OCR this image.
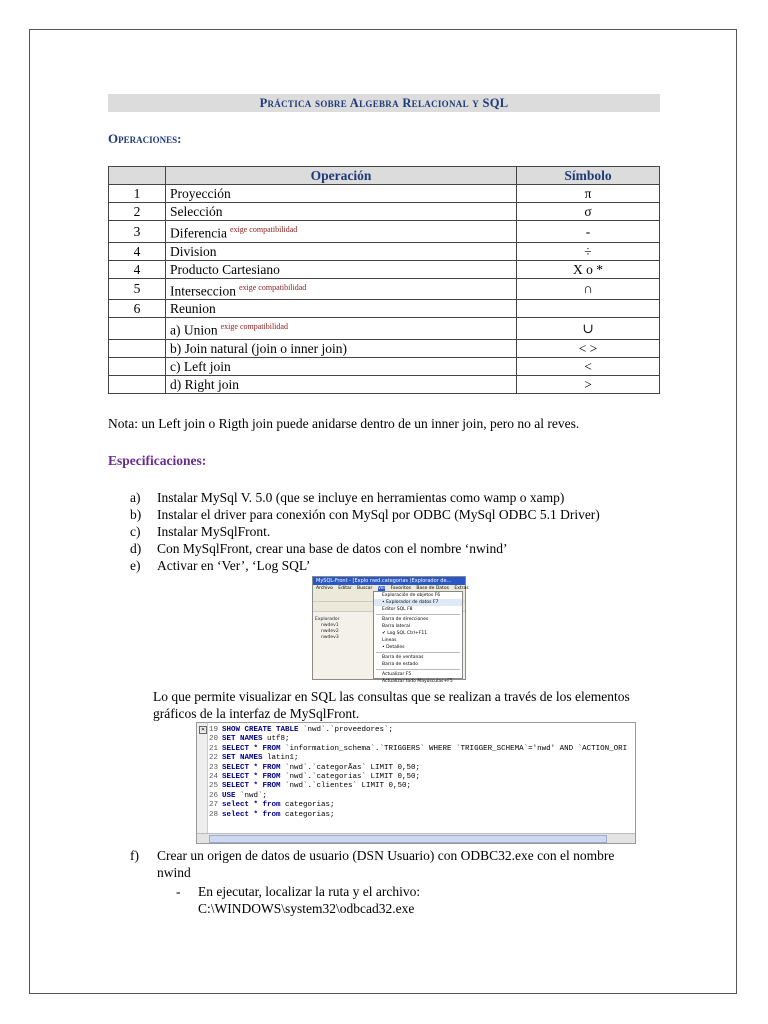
Práctica sobre Algebra Relacional y SQL
Operaciones:
	Operación	Símbolo
1	Proyección	π
2	Selección	σ
3	Diferencia $^{exige compatibilidad}$	-
4	Division	÷
4	Producto Cartesiano	X o *
5	Interseccion $^{exige compatibilidad}$	∩
6	Reunion	
	a) Union $^{exige compatibilidad}$	∪
	b) Join natural (join o inner join)	< >
	c) Left join	<
	d) Right join	>
Nota: un Left join o Rigth join puede anidarse dentro de un inner join, pero no al reves.
Especificaciones:
a) Instalar MySql V. 5.0 (que se incluye en herramientas como wamp o xamp)
b) Instalar el driver para conexión con MySql por ODBC (MySql ODBC 5.1 Driver)
c) Instalar MySqlFront.
d) Con MySqlFront, crear una base de datos con el nombre ‘nwind’
e) Activar en ‘Ver’, ‘Log SQL’
MySQL-Front - [Explo nwd.categorias (Explorador de...
Archivo Editar Buscar Ver Favoritos Base de Datos Extras
Explorador
nwdev1
nwdev2
nwdev3
Exploración de objetos F6
• Explorador de datos F7
Editor SQL F8
Barra de direcciones
Barra lateral
✔ Log SQL Ctrl+F11
Lineas
• Detalles
Barra de ventanas
Barra de estado
Actualizar F5
Actualizar todo Mayúsculas+F5
Lo que permite visualizar en SQL las consultas que se realizan a través de los elementos gráficos de la interfaz de MySqlFront.
✕ 19 SHOW CREATE TABLE `nwd`.`proveedores`;
20 SET NAMES utf8;
21 SELECT * FROM `information_schema`.`TRIGGERS` WHERE `TRIGGER_SCHEMA`='nwd' AND `ACTION_ORI
22 SET NAMES latin1;
23 SELECT * FROM `nwd`.`categorÃas` LIMIT 0,50;
24 SELECT * FROM `nwd`.`categorias` LIMIT 0,50;
25 SELECT * FROM `nwd`.`clientes` LIMIT 0,50;
26 USE `nwd`;
27 select * from categorias;
28 select * from categorias;
f) Crear un origen de datos de usuario (DSN Usuario) con ODBC32.exe con el nombre nwind
- En ejecutar, localizar la ruta y el archivo:
C:\WINDOWS\system32\odbcad32.exe
